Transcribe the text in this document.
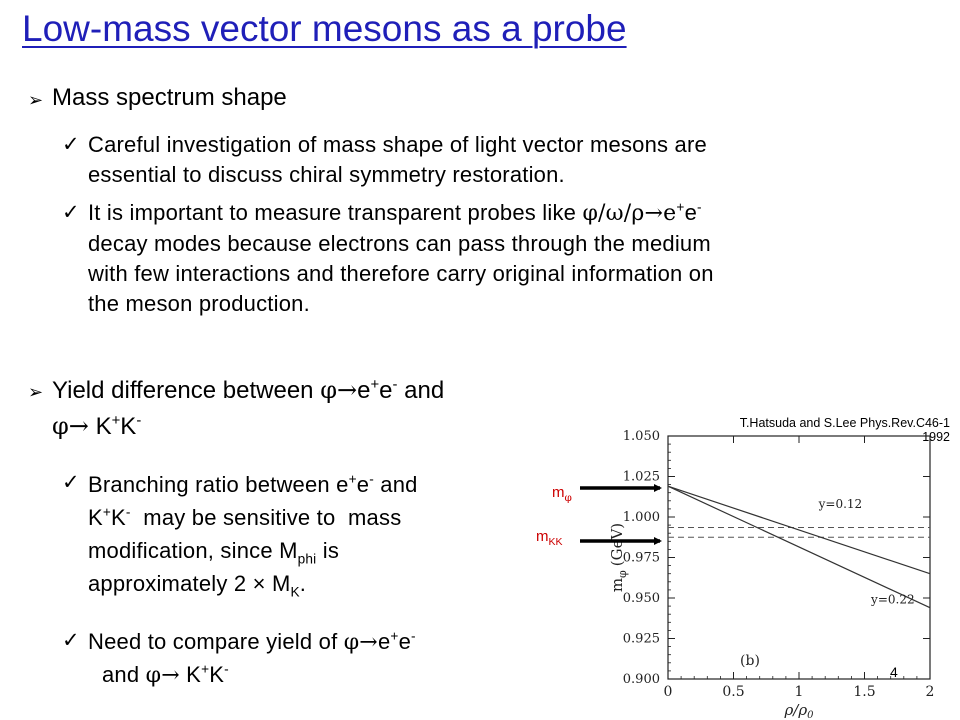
Low-mass vector mesons as a probe
➢ Mass spectrum shape
✓ Careful investigation of mass shape of light vector mesons are
essential to discuss chiral symmetry restoration.
✓ It is important to measure transparent probes like φ/ω/ρ→e+e-
decay modes because electrons can pass through the medium
with few interactions and therefore carry original information on
the meson production.
➢ Yield difference between φ→e+e- and
φ→ K+K-
✓ Branching ratio between e+e- and
K+K-  may be sensitive to  mass
modification, since $M_{phi}$ is
approximately $2 \times M_K$.
✓ Need to compare yield of φ→e+e-
and φ→ K+K-
T.Hatsuda and S.Lee Phys.Rev.C46-1
1992
$m_\varphi$
$m_{KK}$
0.900
0.925
0.950
0.975
1.000
1.025
1.050
0	0.5	1	1.5	2
y=0.12
y=0.22
(b)
$m_\varphi(GeV)$
$\rho/\rho_0$
4
